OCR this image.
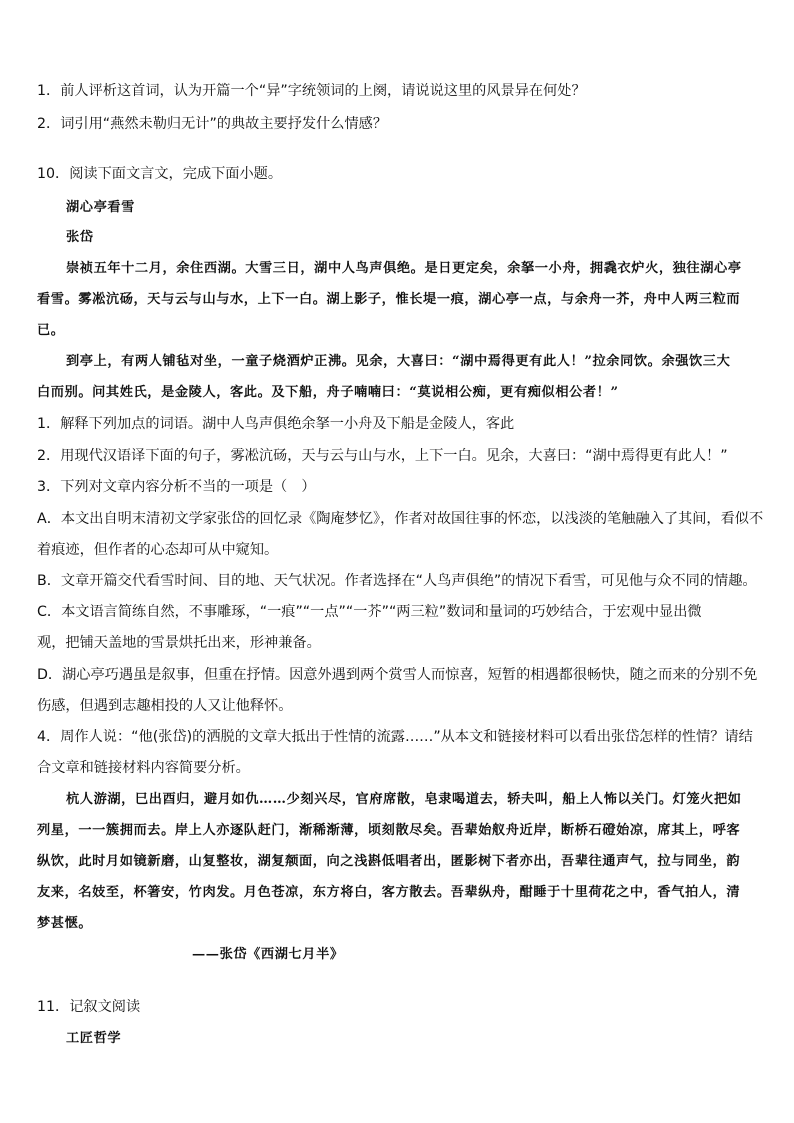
1．前人评析这首词，认为开篇一个“异”字统领词的上阕，请说说这里的风景异在何处？
2．词引用“燕然未勒归无计”的典故主要抒发什么情感？
10．阅读下面文言文，完成下面小题。
湖心亭看雪
张岱
崇祯五年十二月，余住西湖。大雪三日，湖中人鸟声俱绝。是日更定矣，余拏一小舟，拥毳衣炉火，独往湖心亭
看雪。雾凇沆砀，天与云与山与水，上下一白。湖上影子，惟长堤一痕，湖心亭一点，与余舟一芥，舟中人两三粒而
已。
到亭上，有两人铺毡对坐，一童子烧酒炉正沸。见余，大喜曰：“湖中焉得更有此人！”拉余同饮。余强饮三大
白而别。问其姓氏，是金陵人，客此。及下船，舟子喃喃曰：“莫说相公痴，更有痴似相公者！”
1．解释下列加点的词语。湖中人鸟声俱绝余拏一小舟及下船是金陵人，客此
2．用现代汉语译下面的句子，雾凇沆砀，天与云与山与水，上下一白。见余，大喜曰：“湖中焉得更有此人！”
3．下列对文章内容分析不当的一项是（　）
A．本文出自明末清初文学家张岱的回忆录《陶庵梦忆》，作者对故国往事的怀恋，以浅淡的笔触融入了其间，看似不
着痕迹，但作者的心态却可从中窥知。
B．文章开篇交代看雪时间、目的地、天气状况。作者选择在“人鸟声俱绝”的情况下看雪，可见他与众不同的情趣。
C．本文语言简练自然，不事雕琢，“一痕”“一点”“一芥”“两三粒”数词和量词的巧妙结合，于宏观中显出微
观，把铺天盖地的雪景烘托出来，形神兼备。
D．湖心亭巧遇虽是叙事，但重在抒情。因意外遇到两个赏雪人而惊喜，短暂的相遇都很畅快，随之而来的分别不免
伤感，但遇到志趣相投的人又让他释怀。
4．周作人说：“他(张岱)的洒脱的文章大抵出于性情的流露……”从本文和链接材料可以看出张岱怎样的性情？请结
合文章和链接材料内容简要分析。
杭人游湖，巳出酉归，避月如仇……少刻兴尽，官府席散，皂隶喝道去，轿夫叫，船上人怖以关门。灯笼火把如
列星，一一簇拥而去。岸上人亦逐队赶门，渐稀渐薄，顷刻散尽矣。吾辈始舣舟近岸，断桥石磴始凉，席其上，呼客
纵饮，此时月如镜新磨，山复整妆，湖复颒面，向之浅斟低唱者出，匿影树下者亦出，吾辈往通声气，拉与同坐，韵
友来，名妓至，杯箸安，竹肉发。月色苍凉，东方将白，客方散去。吾辈纵舟，酣睡于十里荷花之中，香气拍人，清
梦甚惬。
——张岱《西湖七月半》
11．记叙文阅读
工匠哲学
